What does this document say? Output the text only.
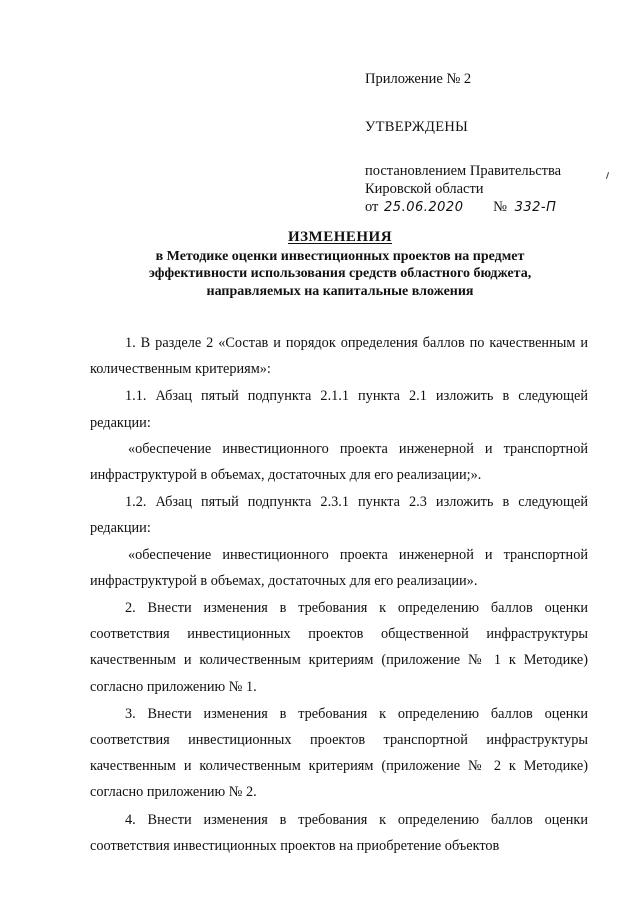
Приложение № 2
УТВЕРЖДЕНЫ
постановлением Правительства
Кировской области
от 25.06.2020 № 332-П
ИЗМЕНЕНИЯ
в Методике оценки инвестиционных проектов на предмет
эффективности использования средств областного бюджета,
направляемых на капитальные вложения

1. В разделе 2 «Состав и порядок определения баллов по качественным и количественным критериям»:

1.1. Абзац пятый подпункта 2.1.1 пункта 2.1 изложить в следующей редакции:

«обеспечение инвестиционного проекта инженерной и транспортной инфраструктурой в объемах, достаточных для его реализации;».

1.2. Абзац пятый подпункта 2.3.1 пункта 2.3 изложить в следующей редакции:

«обеспечение инвестиционного проекта инженерной и транспортной инфраструктурой в объемах, достаточных для его реализации».

2. Внести изменения в требования к определению баллов оценки соответствия инвестиционных проектов общественной инфраструктуры качественным и количественным критериям (приложение № 1 к Методике) согласно приложению № 1.

3. Внести изменения в требования к определению баллов оценки соответствия инвестиционных проектов транспортной инфраструктуры качественным и количественным критериям (приложение № 2 к Методике) согласно приложению № 2.

4. Внести изменения в требования к определению баллов оценки соответствия инвестиционных проектов на приобретение объектов
